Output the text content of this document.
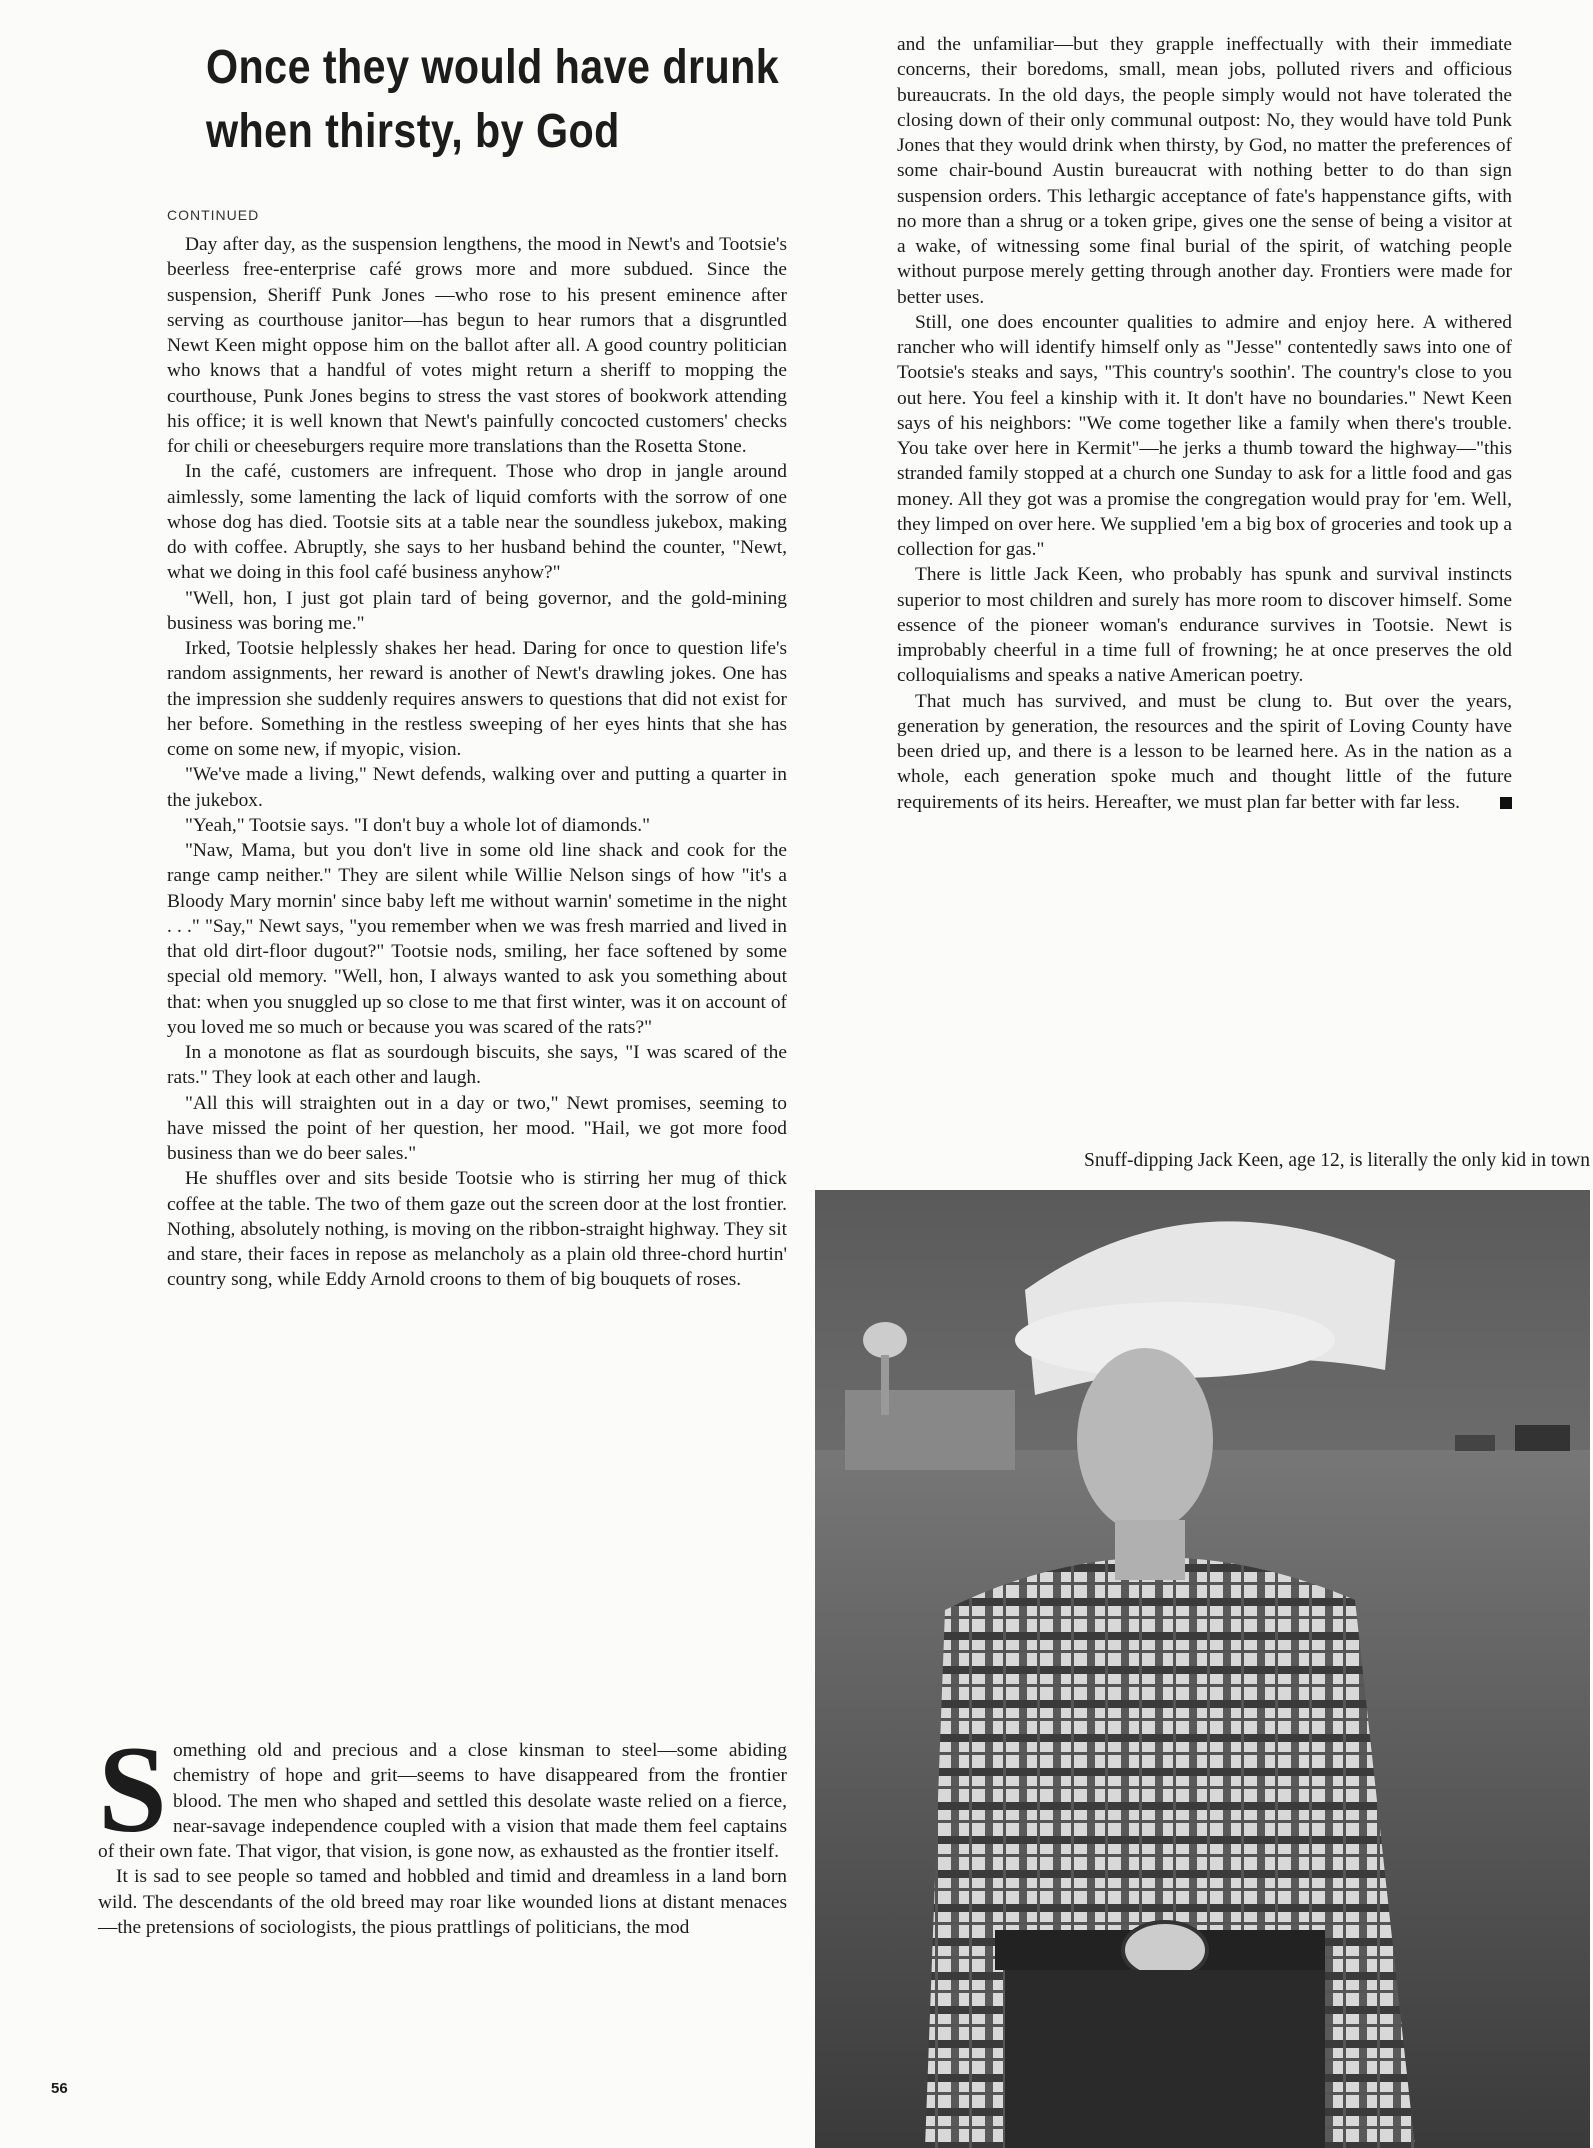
Once they would have drunk when thirsty, by God
CONTINUED

Day after day, as the suspension lengthens, the mood in Newt's and Tootsie's beerless free-enterprise café grows more and more subdued. Since the suspension, Sheriff Punk Jones —who rose to his present eminence after serving as courthouse janitor—has begun to hear rumors that a disgruntled Newt Keen might oppose him on the ballot after all. A good country politician who knows that a handful of votes might return a sheriff to mopping the courthouse, Punk Jones begins to stress the vast stores of bookwork attending his office; it is well known that Newt's painfully concocted customers' checks for chili or cheeseburgers require more translations than the Rosetta Stone.

In the café, customers are infrequent. Those who drop in jangle around aimlessly, some lamenting the lack of liquid comforts with the sorrow of one whose dog has died. Tootsie sits at a table near the soundless jukebox, making do with coffee. Abruptly, she says to her husband behind the counter, "Newt, what we doing in this fool café business anyhow?"

"Well, hon, I just got plain tard of being governor, and the gold-mining business was boring me."

Irked, Tootsie helplessly shakes her head. Daring for once to question life's random assignments, her reward is another of Newt's drawling jokes. One has the impression she suddenly requires answers to questions that did not exist for her before. Something in the restless sweeping of her eyes hints that she has come on some new, if myopic, vision.

"We've made a living," Newt defends, walking over and putting a quarter in the jukebox.

"Yeah," Tootsie says. "I don't buy a whole lot of diamonds."

"Naw, Mama, but you don't live in some old line shack and cook for the range camp neither." They are silent while Willie Nelson sings of how "it's a Bloody Mary mornin' since baby left me without warnin' sometime in the night . . ." "Say," Newt says, "you remember when we was fresh married and lived in that old dirt-floor dugout?" Tootsie nods, smiling, her face softened by some special old memory. "Well, hon, I always wanted to ask you something about that: when you snuggled up so close to me that first winter, was it on account of you loved me so much or because you was scared of the rats?"

In a monotone as flat as sourdough biscuits, she says, "I was scared of the rats." They look at each other and laugh.

"All this will straighten out in a day or two," Newt promises, seeming to have missed the point of her question, her mood. "Hail, we got more food business than we do beer sales."

He shuffles over and sits beside Tootsie who is stirring her mug of thick coffee at the table. The two of them gaze out the screen door at the lost frontier. Nothing, absolutely nothing, is moving on the ribbon-straight highway. They sit and stare, their faces in repose as melancholy as a plain old three-chord hurtin' country song, while Eddy Arnold croons to them of big bouquets of roses.

Something old and precious and a close kinsman to steel—some abiding chemistry of hope and grit—seems to have disappeared from the frontier blood. The men who shaped and settled this desolate waste relied on a fierce, near-savage independence coupled with a vision that made them feel captains of their own fate. That vigor, that vision, is gone now, as exhausted as the frontier itself.

It is sad to see people so tamed and hobbled and timid and dreamless in a land born wild. The descendants of the old breed may roar like wounded lions at distant menaces—the pretensions of sociologists, the pious prattlings of politicians, the mod

and the unfamiliar—but they grapple ineffectually with their immediate concerns, their boredoms, small, mean jobs, polluted rivers and officious bureaucrats. In the old days, the people simply would not have tolerated the closing down of their only communal outpost: No, they would have told Punk Jones that they would drink when thirsty, by God, no matter the preferences of some chair-bound Austin bureaucrat with nothing better to do than sign suspension orders. This lethargic acceptance of fate's happenstance gifts, with no more than a shrug or a token gripe, gives one the sense of being a visitor at a wake, of witnessing some final burial of the spirit, of watching people without purpose merely getting through another day. Frontiers were made for better uses.

Still, one does encounter qualities to admire and enjoy here. A withered rancher who will identify himself only as "Jesse" contentedly saws into one of Tootsie's steaks and says, "This country's soothin'. The country's close to you out here. You feel a kinship with it. It don't have no boundaries." Newt Keen says of his neighbors: "We come together like a family when there's trouble. You take over here in Kermit"—he jerks a thumb toward the highway—"this stranded family stopped at a church one Sunday to ask for a little food and gas money. All they got was a promise the congregation would pray for 'em. Well, they limped on over here. We supplied 'em a big box of groceries and took up a collection for gas."

There is little Jack Keen, who probably has spunk and survival instincts superior to most children and surely has more room to discover himself. Some essence of the pioneer woman's endurance survives in Tootsie. Newt is improbably cheerful in a time full of frowning; he at once preserves the old colloquialisms and speaks a native American poetry.

That much has survived, and must be clung to. But over the years, generation by generation, the resources and the spirit of Loving County have been dried up, and there is a lesson to be learned here. As in the nation as a whole, each generation spoke much and thought little of the future requirements of its heirs. Hereafter, we must plan far better with far less.

Snuff-dipping Jack Keen, age 12, is literally the only kid in town
56
